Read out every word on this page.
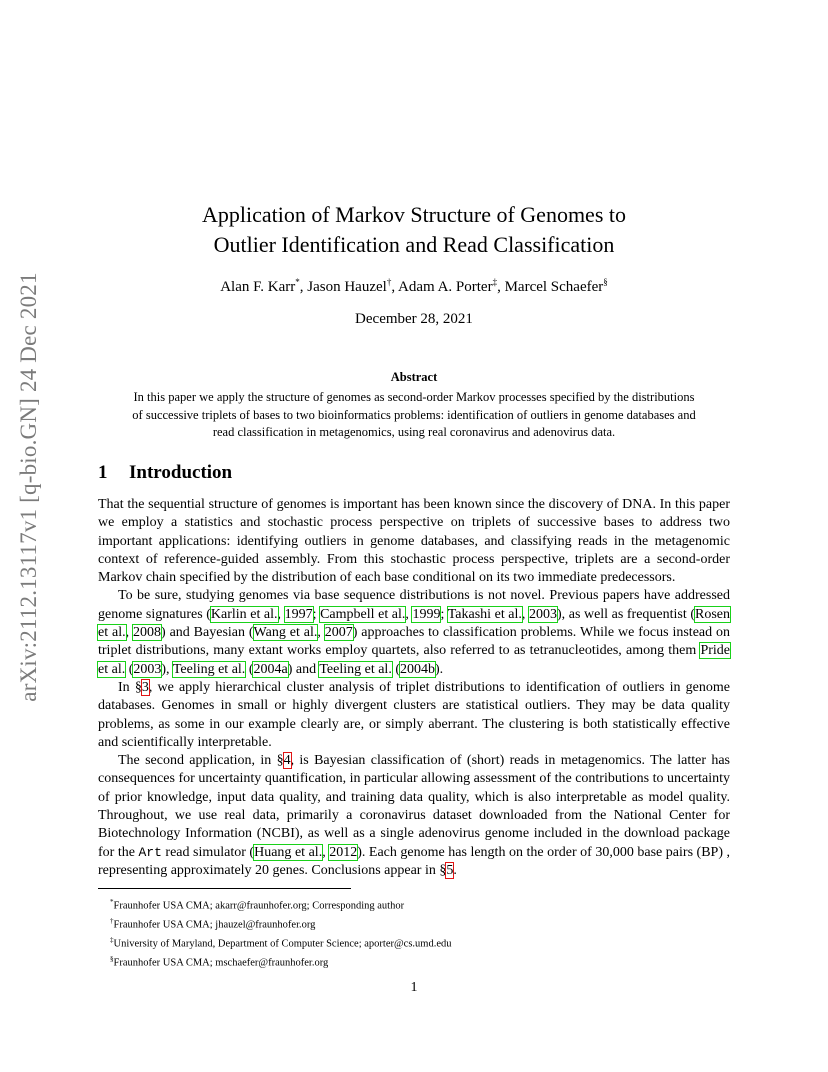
arXiv:2112.13117v1 [q-bio.GN] 24 Dec 2021
Application of Markov Structure of Genomes to
Outlier Identification and Read Classification
Alan F. Karr*, Jason Hauzel†, Adam A. Porter‡, Marcel Schaefer§
December 28, 2021
Abstract
In this paper we apply the structure of genomes as second-order Markov processes specified by the distributions of successive triplets of bases to two bioinformatics problems: identification of outliers in genome databases and read classification in metagenomics, using real coronavirus and adenovirus data.
1 Introduction

That the sequential structure of genomes is important has been known since the discovery of DNA. In this paper we employ a statistics and stochastic process perspective on triplets of successive bases to address two important applications: identifying outliers in genome databases, and classifying reads in the metagenomic context of reference-guided assembly. From this stochastic process perspective, triplets are a second-order Markov chain specified by the distribution of each base conditional on its two immediate predecessors.

To be sure, studying genomes via base sequence distributions is not novel. Previous papers have addressed genome signatures (Karlin et al., 1997; Campbell et al., 1999; Takashi et al., 2003), as well as frequentist (Rosen et al., 2008) and Bayesian (Wang et al., 2007) approaches to classification problems. While we focus instead on triplet distributions, many extant works employ quartets, also referred to as tetranucleotides, among them Pride et al. (2003), Teeling et al. (2004a) and Teeling et al. (2004b).

In §3, we apply hierarchical cluster analysis of triplet distributions to identification of outliers in genome databases. Genomes in small or highly divergent clusters are statistical outliers. They may be data quality problems, as some in our example clearly are, or simply aberrant. The clustering is both statistically effective and scientifically interpretable.

The second application, in §4, is Bayesian classification of (short) reads in metagenomics. The latter has consequences for uncertainty quantification, in particular allowing assessment of the contributions to uncertainty of prior knowledge, input data quality, and training data quality, which is also interpretable as model quality. Throughout, we use real data, primarily a coronavirus dataset downloaded from the National Center for Biotechnology Information (NCBI), as well as a single adenovirus genome included in the download package for the Art read simulator (Huang et al., 2012). Each genome has length on the order of 30,000 base pairs (BP) , representing approximately 20 genes. Conclusions appear in §5.

*Fraunhofer USA CMA; akarr@fraunhofer.org; Corresponding author
†Fraunhofer USA CMA; jhauzel@fraunhofer.org
‡University of Maryland, Department of Computer Science; aporter@cs.umd.edu
§Fraunhofer USA CMA; mschaefer@fraunhofer.org
1
